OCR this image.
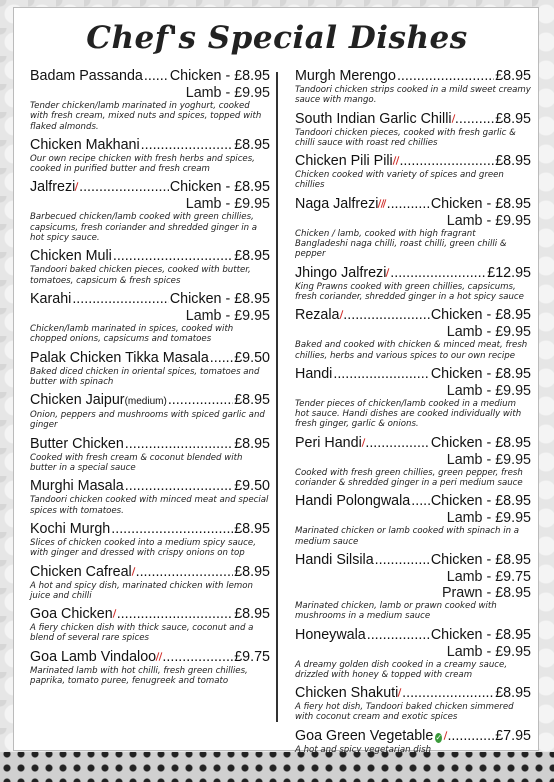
Chef's Special Dishes
Badam Passanda ..... Chicken - £8.95
Lamb - £9.95
Tender chicken/lamb marinated in yoghurt, cooked with fresh cream, mixed nuts and spices, topped with flaked almonds.
Chicken Makhani .....	£8.95
Our own recipe chicken with fresh herbs and spices, cooked in purified butter and fresh cream
Jalfrezi .....	Chicken - £8.95
Lamb - £9.95
Barbecued chicken/lamb cooked with green chillies, capsicums, fresh coriander and shredded ginger in a hot spicy sauce.
Chicken Muli .....	£8.95
Tandoori baked chicken pieces, cooked with butter, tomatoes, capsicum & fresh spices
Karahi .....	Chicken - £8.95
Lamb - £9.95
Chicken/lamb marinated in spices, cooked with chopped onions, capsicums and tomatoes
Palak Chicken Tikka Masala ..... £9.50
Baked diced chicken in oriental spices, tomatoes and butter with spinach
Chicken Jaipur (medium) .....	£8.95
Onion, peppers and mushrooms with spiced garlic and ginger
Butter Chicken .....	£8.95
Cooked with fresh cream & coconut blended with butter in a special sauce
Murghi Masala .....	£9.50
Tandoori chicken cooked with minced meat and special spices with tomatoes.
Kochi Murgh .....	£8.95
Slices of chicken cooked into a medium spicy sauce, with ginger and dressed with crispy onions on top
Chicken Cafreal .....	£8.95
A hot and spicy dish, marinated chicken with lemon juice and chilli
Goa Chicken .....	£8.95
A fiery chicken dish with thick sauce, coconut and a blend of several rare spices
Goa Lamb Vindaloo .....	£9.75
Marinated lamb with hot chilli, fresh green chillies, paprika, tomato puree, fenugreek and tomato
Murgh Merengo .....	£8.95
Tandoori chicken strips cooked in a mild sweet creamy sauce with mango.
South Indian Garlic Chilli .....	£8.95
Tandoori chicken pieces, cooked with fresh garlic & chilli sauce with roast red chillies
Chicken Pili Pili .....	£8.95
Chicken cooked with variety of spices and green chillies
Naga Jalfrezi .....	Chicken - £8.95
Lamb - £9.95
Chicken / lamb, cooked with high fragrant Bangladeshi naga chilli, roast chilli, green chilli & pepper
Jhingo Jalfrezi .....	£12.95
King Prawns cooked with green chillies, capsicums, fresh coriander, shredded ginger in a hot spicy sauce
Rezala .....	Chicken - £8.95
Lamb - £9.95
Baked and cooked with chicken & minced meat, fresh chillies, herbs and various spices to our own recipe
Handi .....	Chicken - £8.95
Lamb - £9.95
Tender pieces of chicken/lamb cooked in a medium hot sauce. Handi dishes are cooked individually with fresh ginger, garlic & onions.
Peri Handi .....	Chicken - £8.95
Lamb - £9.95
Cooked with fresh green chillies, green pepper, fresh coriander & shredded ginger in a peri medium sauce
Handi Polongwala ..... Chicken - £8.95
Lamb - £9.95
Marinated chicken or lamb cooked with spinach in a medium sauce
Handi Silsila .....	Chicken - £8.95
Lamb - £9.75
Prawn - £8.95
Marinated chicken, lamb or prawn cooked with mushrooms in a medium sauce
Honeywala .....	Chicken - £8.95
Lamb - £9.95
A dreamy golden dish cooked in a creamy sauce, drizzled with honey & topped with cream
Chicken Shakuti .....	£8.95
A fiery hot dish, Tandoori baked chicken simmered with coconut cream and exotic spices
Goa Green Vegetable ✓ .....	£7.95
A hot and spicy vegetarian dish
